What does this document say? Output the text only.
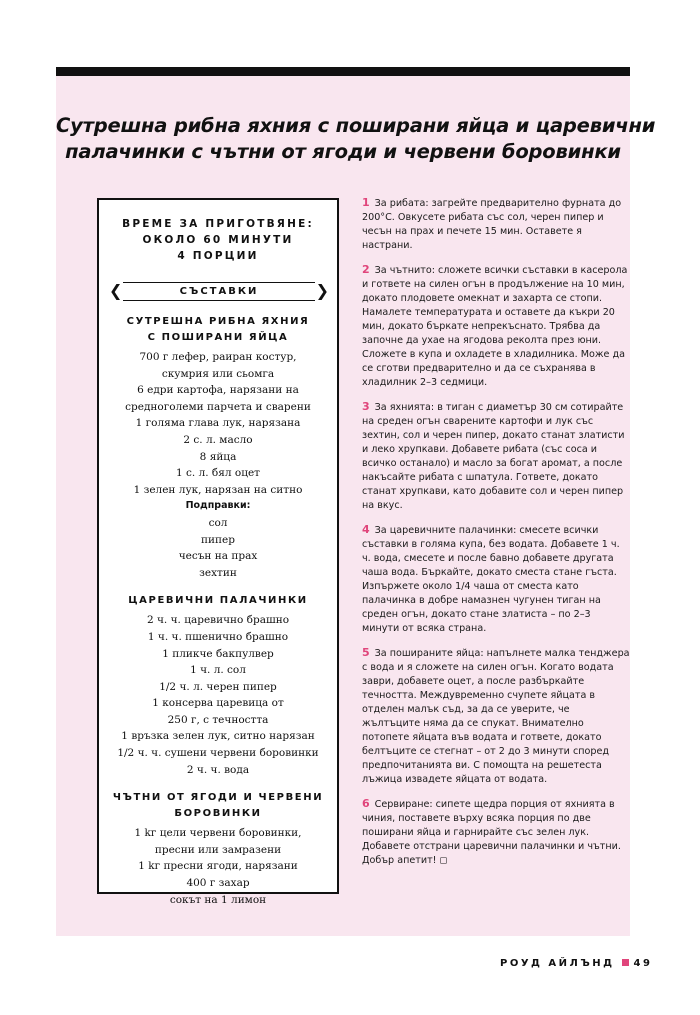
Сутрешна рибна яхния с поширани яйца и царевични
палачинки с чътни от ягоди и червени боровинки
ВРЕМЕ ЗА ПРИГОТВЯНЕ:
ОКОЛО 60 МИНУТИ
4 ПОРЦИИ
❮	СЪСТАВКИ	❯
СУТРЕШНА РИБНА ЯХНИЯ
С ПОШИРАНИ ЯЙЦА
700 г лефер, раиран костур,
скумрия или сьомга
6 едри картофа, нарязани на
средноголеми парчета и сварени
1 голяма глава лук, нарязана
2 с. л. масло
8 яйца
1 с. л. бял оцет
1 зелен лук, нарязан на ситно
Подправки:
сол
пипер
чесън на прах
зехтин
ЦАРЕВИЧНИ ПАЛАЧИНКИ
2 ч. ч. царевично брашно
1 ч. ч. пшенично брашно
1 пликче бакпулвер
1 ч. л. сол
1/2 ч. л. черен пипер
1 консерва царевица от
250 г, с течността
1 връзка зелен лук, ситно нарязан
1/2 ч. ч. сушени червени боровинки
2 ч. ч. вода
ЧЪТНИ ОТ ЯГОДИ И ЧЕРВЕНИ
БОРОВИНКИ
1 kг цели червени боровинки,
пресни или замразени
1 kг пресни ягоди, нарязани
400 г захар
сокът на 1 лимон
1 За рибата: загрейте предварително фурната до 200°С. Овкусете рибата със сол, черен пипер и чесън на прах и печете 15 мин. Оставете я настрани.
2 За чътнито: сложете всички съставки в касерола и гответе на силен огън в продължение на 10 мин, докато плодовете омекнат и захарта се стопи. Намалете температурата и оставете да къкри 20 мин, докато бъркате непрекъснато. Трябва да започне да ухае на ягодова реколта през юни. Сложете в купа и охладете в хладилника. Може да се сготви предварително и да се съхранява в хладилник 2–3 седмици.
3 За яхнията: в тиган с диаметър 30 см сотирайте на среден огън сварените картофи и лук със зехтин, сол и черен пипер, докато станат златисти и леко хрупкави. Добавете рибата (със соса и всичко останало) и масло за богат аромат, а после накъсайте рибата с шпатула. Гответе, докато станат хрупкави, като добавите сол и черен пипер на вкус.
4 За царевичните палачинки: смесете всички съставки в голяма купа, без водата. Добавете 1 ч. ч. вода, смесете и после бавно добавете другата чаша вода. Бъркайте, докато сместа стане гъста. Изпържете около 1/4 чаша от сместа като палачинка в добре намазнен чугунен тиган на среден огън, докато стане златиста – по 2–3 минути от всяка страна.
5 За поширанитe яйца: напълнете малка тенджера с вода и я сложете на силен огън. Когато водата заври, добавете оцет, а после разбъркайте течността. Междувременно счупете яйцата в отделен малък съд, за да се уверите, че жълтъците няма да се спукат. Внимателно потопете яйцата във водата и гответе, докато белтъците се стегнат – от 2 до 3 минути според предпочитанията ви. С помощта на решетеста лъжица извадете яйцата от водата.
6 Сервиране: сипете щедра порция от яхнията в чиния, поставете върху всяка порция по две поширани яйца и гарнирайте със зелен лук. Добавете отстрани царевични палачинки и чътни. Добър апетит! ◻
РОУД АЙЛЪНД 49
